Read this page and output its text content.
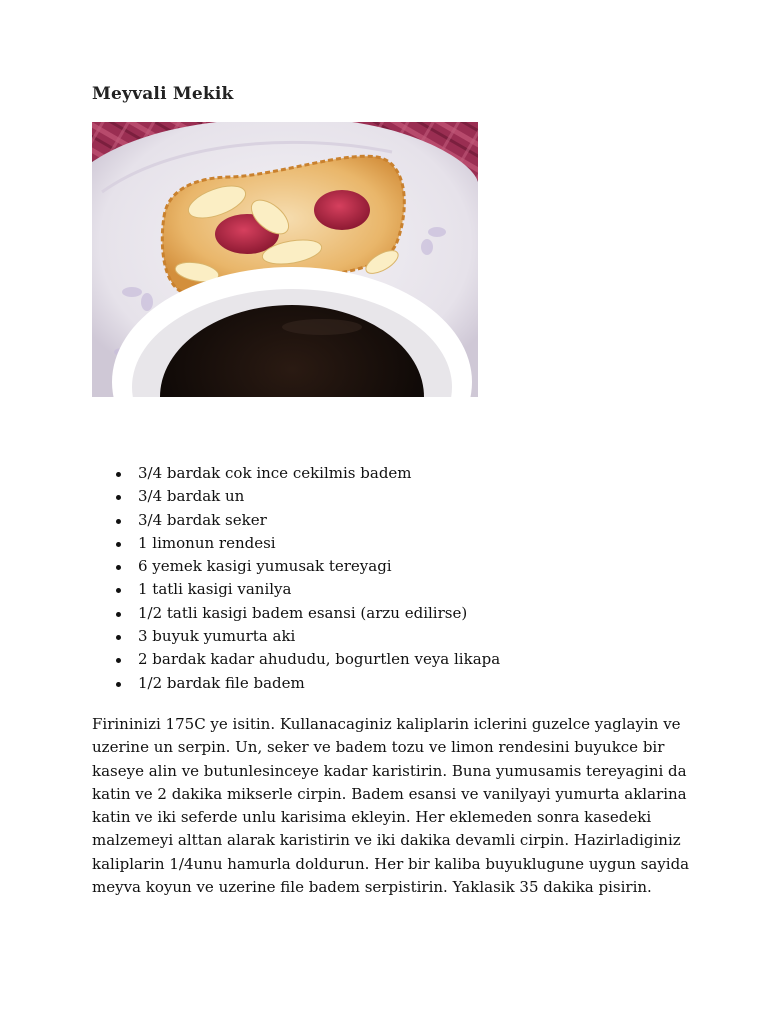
Meyvali Mekik
3/4 bardak cok ince cekilmis badem
3/4 bardak un
3/4 bardak seker
1 limonun rendesi
6 yemek kasigi yumusak tereyagi
1 tatli kasigi vanilya
1/2 tatli kasigi badem esansi (arzu edilirse)
3 buyuk yumurta aki
2 bardak kadar ahududu, bogurtlen veya likapa
1/2 bardak file badem

Firininizi 175C ye isitin. Kullanacaginiz kaliplarin iclerini guzelce yaglayin ve uzerine un serpin. Un, seker ve badem tozu ve limon rendesini buyukce bir kaseye alin ve butunlesinceye kadar karistirin. Buna yumusamis tereyagini da katin ve 2 dakika mikserle cirpin. Badem esansi ve vanilyayi yumurta aklarina katin ve iki seferde unlu karisima ekleyin. Her eklemeden sonra kasedeki malzemeyi alttan alarak karistirin ve iki dakika devamli cirpin. Hazirladiginiz kaliplarin 1/4unu hamurla doldurun. Her bir kaliba buyuklugune uygun sayida meyva koyun ve uzerine file badem serpistirin. Yaklasik 35 dakika pisirin.
